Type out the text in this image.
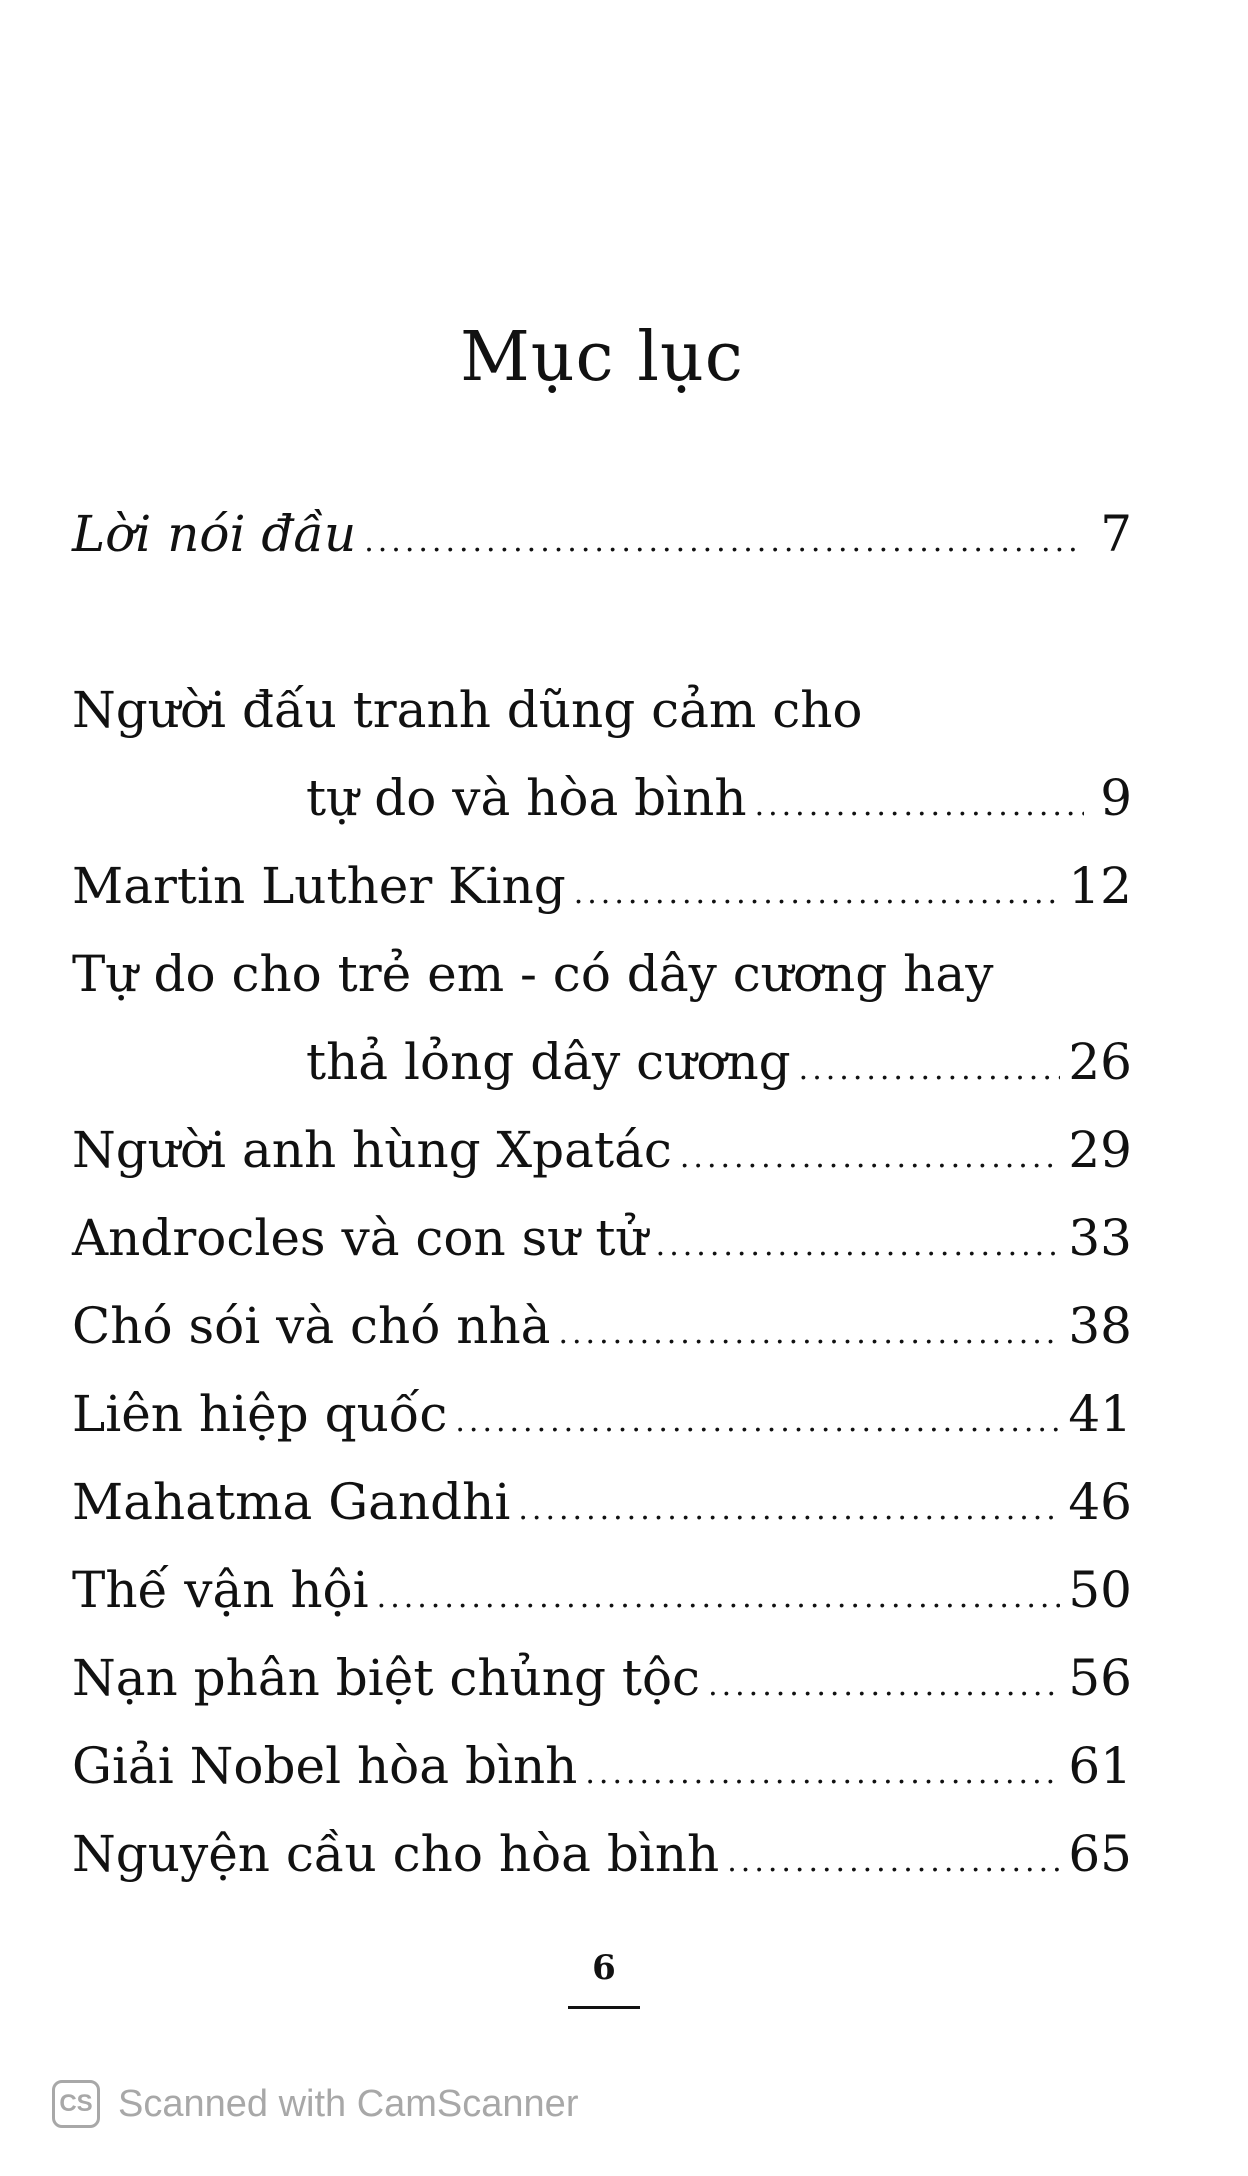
Mục lục
Lời nói đầu .....	7
Người đấu tranh dũng cảm cho
tự do và hòa bình .....	9
Martin Luther King .....	12
Tự do cho trẻ em - có dây cương hay
thả lỏng dây cương .....	26
Người anh hùng Xpatác .....	29
Androcles và con sư tử .....	33
Chó sói và chó nhà .....	38
Liên hiệp quốc .....	41
Mahatma Gandhi .....	46
Thế vận hội .....	50
Nạn phân biệt chủng tộc .....	56
Giải Nobel hòa bình .....	61
Nguyện cầu cho hòa bình .....	65
6
CS Scanned with CamScanner
